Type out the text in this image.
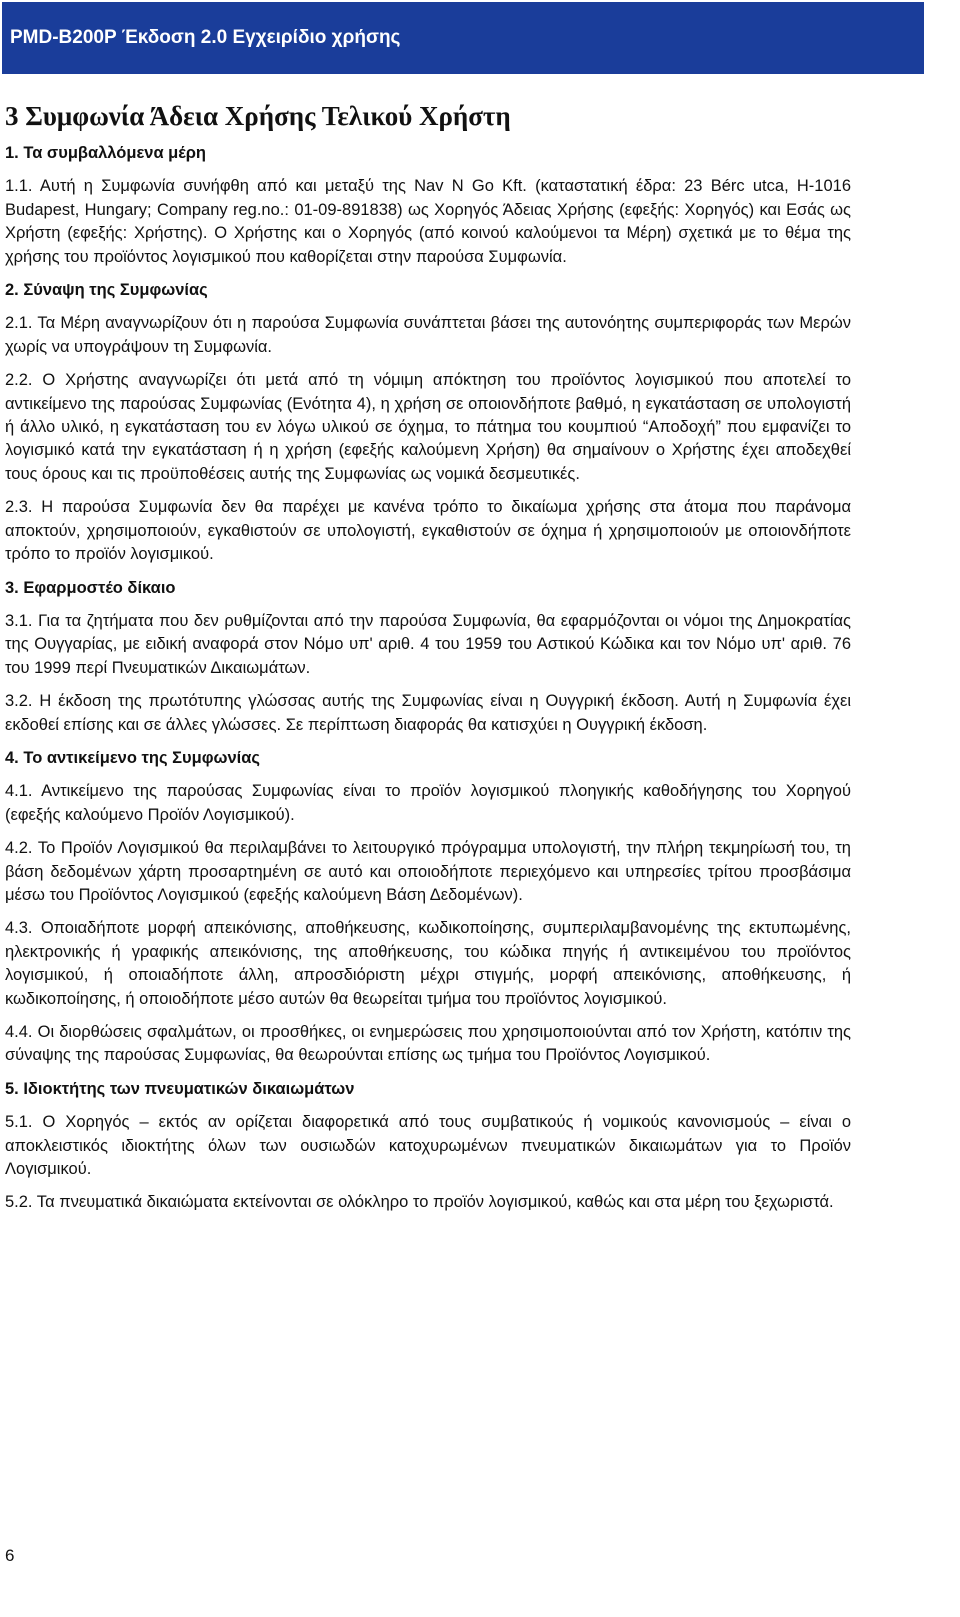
PMD-B200P Έκδοση 2.0 Εγχειρίδιο χρήσης
3 Συμφωνία Άδεια Χρήσης Τελικού Χρήστη
1. Τα συμβαλλόμενα μέρη

1.1. Αυτή η Συμφωνία συνήφθη από και μεταξύ της Nav N Go Kft. (καταστατική έδρα: 23 Bérc utca, H-1016 Budapest, Hungary; Company reg.no.: 01-09-891838) ως Χορηγός Άδειας Χρήσης (εφεξής: Χορηγός) και Εσάς ως Χρήστη (εφεξής: Χρήστης). Ο Χρήστης και ο Χορηγός (από κοινού καλούμενοι τα Μέρη) σχετικά με το θέμα της χρήσης του προϊόντος λογισμικού που καθορίζεται στην παρούσα Συμφωνία.

2. Σύναψη της Συμφωνίας

2.1. Τα Μέρη αναγνωρίζουν ότι η παρούσα Συμφωνία συνάπτεται βάσει της αυτονόητης συμπεριφοράς των Μερών χωρίς να υπογράψουν τη Συμφωνία.

2.2. Ο Χρήστης αναγνωρίζει ότι μετά από τη νόμιμη απόκτηση του προϊόντος λογισμικού που αποτελεί το αντικείμενο της παρούσας Συμφωνίας (Ενότητα 4), η χρήση σε οποιονδήποτε βαθμό, η εγκατάσταση σε υπολογιστή ή άλλο υλικό, η εγκατάσταση του εν λόγω υλικού σε όχημα, το πάτημα του κουμπιού “Αποδοχή” που εμφανίζει το λογισμικό κατά την εγκατάσταση ή η χρήση (εφεξής καλούμενη Χρήση) θα σημαίνουν ο Χρήστης έχει αποδεχθεί τους όρους και τις προϋποθέσεις αυτής της Συμφωνίας ως νομικά δεσμευτικές.

2.3. Η παρούσα Συμφωνία δεν θα παρέχει με κανένα τρόπο το δικαίωμα χρήσης στα άτομα που παράνομα αποκτούν, χρησιμοποιούν, εγκαθιστούν σε υπολογιστή, εγκαθιστούν σε όχημα ή χρησιμοποιούν με οποιονδήποτε τρόπο το προϊόν λογισμικού.

3. Εφαρμοστέο δίκαιο

3.1. Για τα ζητήματα που δεν ρυθμίζονται από την παρούσα Συμφωνία, θα εφαρμόζονται οι νόμοι της Δημοκρατίας της Ουγγαρίας, με ειδική αναφορά στον Νόμο υπ' αριθ. 4 του 1959 του Αστικού Κώδικα και τον Νόμο υπ' αριθ. 76 του 1999 περί Πνευματικών Δικαιωμάτων.

3.2. Η έκδοση της πρωτότυπης γλώσσας αυτής της Συμφωνίας είναι η Ουγγρική έκδοση. Αυτή η Συμφωνία έχει εκδοθεί επίσης και σε άλλες γλώσσες. Σε περίπτωση διαφοράς θα κατισχύει η Ουγγρική έκδοση.

4. Το αντικείμενο της Συμφωνίας

4.1. Αντικείμενο της παρούσας Συμφωνίας είναι το προϊόν λογισμικού πλοηγικής καθοδήγησης του Χορηγού (εφεξής καλούμενο Προϊόν Λογισμικού).

4.2. Το Προϊόν Λογισμικού θα περιλαμβάνει το λειτουργικό πρόγραμμα υπολογιστή, την πλήρη τεκμηρίωσή του, τη βάση δεδομένων χάρτη προσαρτημένη σε αυτό και οποιοδήποτε περιεχόμενο και υπηρεσίες τρίτου προσβάσιμα μέσω του Προϊόντος Λογισμικού (εφεξής καλούμενη Βάση Δεδομένων).

4.3. Οποιαδήποτε μορφή απεικόνισης, αποθήκευσης, κωδικοποίησης, συμπεριλαμβανομένης της εκτυπωμένης, ηλεκτρονικής ή γραφικής απεικόνισης, της αποθήκευσης, του κώδικα πηγής ή αντικειμένου του προϊόντος λογισμικού, ή οποιαδήποτε άλλη, απροσδιόριστη μέχρι στιγμής, μορφή απεικόνισης, αποθήκευσης, ή κωδικοποίησης, ή οποιοδήποτε μέσο αυτών θα θεωρείται τμήμα του προϊόντος λογισμικού.

4.4. Οι διορθώσεις σφαλμάτων, οι προσθήκες, οι ενημερώσεις που χρησιμοποιούνται από τον Χρήστη, κατόπιν της σύναψης της παρούσας Συμφωνίας, θα θεωρούνται επίσης ως τμήμα του Προϊόντος Λογισμικού.

5. Ιδιοκτήτης των πνευματικών δικαιωμάτων

5.1. Ο Χορηγός – εκτός αν ορίζεται διαφορετικά από τους συμβατικούς ή νομικούς κανονισμούς – είναι ο αποκλειστικός ιδιοκτήτης όλων των ουσιωδών κατοχυρωμένων πνευματικών δικαιωμάτων για το Προϊόν Λογισμικού.

5.2. Τα πνευματικά δικαιώματα εκτείνονται σε ολόκληρο το προϊόν λογισμικού, καθώς και στα μέρη του ξεχωριστά.

6
